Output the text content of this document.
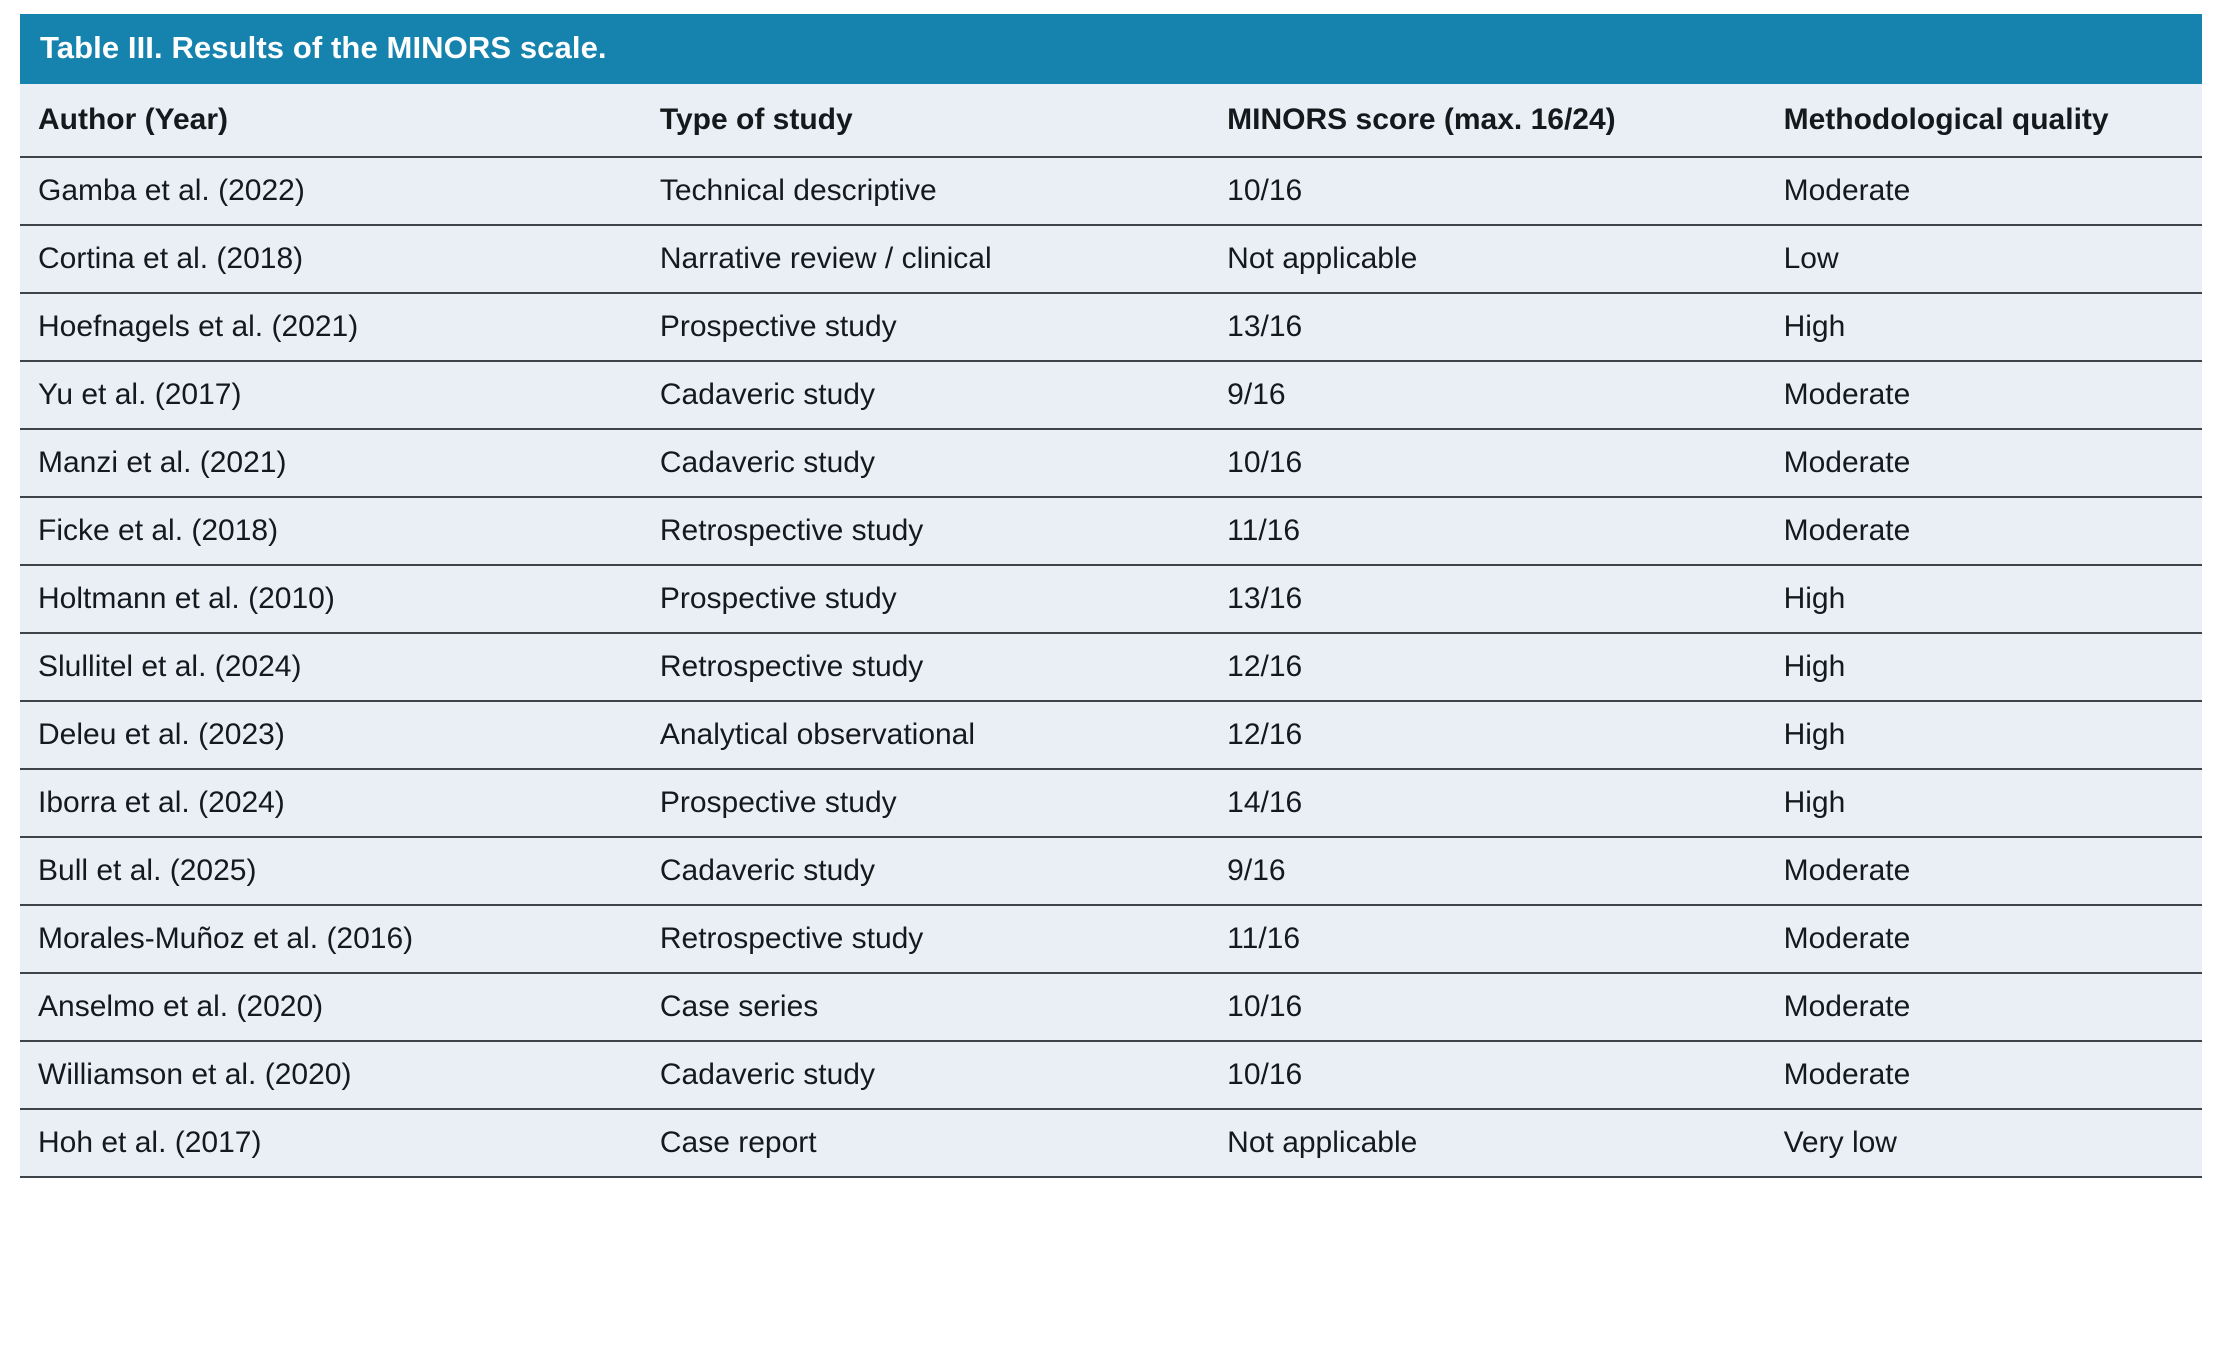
Table III. Results of the MINORS scale.
Author (Year)	Type of study	MINORS score (max. 16/24)	Methodological quality
Gamba et al. (2022)	Technical descriptive	10/16	Moderate
Cortina et al. (2018)	Narrative review / clinical	Not applicable	Low
Hoefnagels et al. (2021)	Prospective study	13/16	High
Yu et al. (2017)	Cadaveric study	9/16	Moderate
Manzi et al. (2021)	Cadaveric study	10/16	Moderate
Ficke et al. (2018)	Retrospective study	11/16	Moderate
Holtmann et al. (2010)	Prospective study	13/16	High
Slullitel et al. (2024)	Retrospective study	12/16	High
Deleu et al. (2023)	Analytical observational	12/16	High
Iborra et al. (2024)	Prospective study	14/16	High
Bull et al. (2025)	Cadaveric study	9/16	Moderate
Morales-Muñoz et al. (2016)	Retrospective study	11/16	Moderate
Anselmo et al. (2020)	Case series	10/16	Moderate
Williamson et al. (2020)	Cadaveric study	10/16	Moderate
Hoh et al. (2017)	Case report	Not applicable	Very low
